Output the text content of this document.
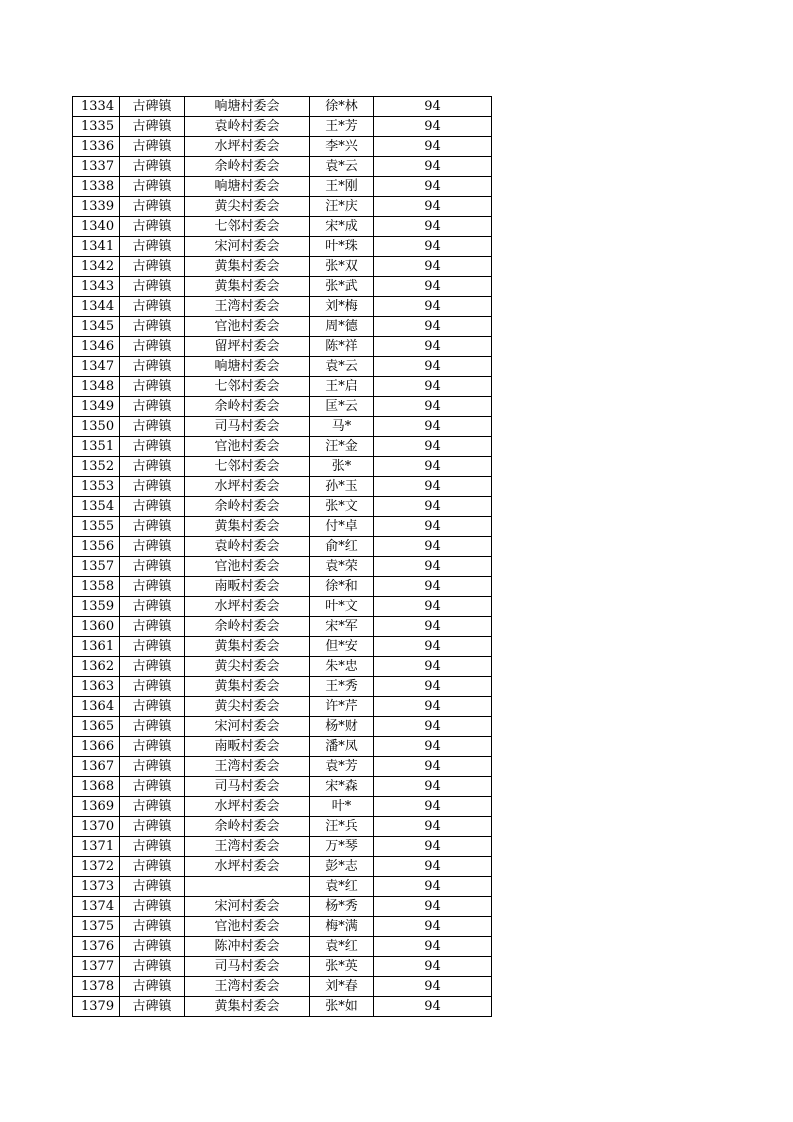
1334	古碑镇	响塘村委会	徐*林	94
1335	古碑镇	袁岭村委会	王*芳	94
1336	古碑镇	水坪村委会	李*兴	94
1337	古碑镇	余岭村委会	袁*云	94
1338	古碑镇	响塘村委会	王*刚	94
1339	古碑镇	黄尖村委会	汪*庆	94
1340	古碑镇	七邻村委会	宋*成	94
1341	古碑镇	宋河村委会	叶*珠	94
1342	古碑镇	黄集村委会	张*双	94
1343	古碑镇	黄集村委会	张*武	94
1344	古碑镇	王湾村委会	刘*梅	94
1345	古碑镇	官池村委会	周*德	94
1346	古碑镇	留坪村委会	陈*祥	94
1347	古碑镇	响塘村委会	袁*云	94
1348	古碑镇	七邻村委会	王*启	94
1349	古碑镇	余岭村委会	匡*云	94
1350	古碑镇	司马村委会	马*	94
1351	古碑镇	官池村委会	汪*金	94
1352	古碑镇	七邻村委会	张*	94
1353	古碑镇	水坪村委会	孙*玉	94
1354	古碑镇	余岭村委会	张*文	94
1355	古碑镇	黄集村委会	付*卓	94
1356	古碑镇	袁岭村委会	俞*红	94
1357	古碑镇	官池村委会	袁*荣	94
1358	古碑镇	南畈村委会	徐*和	94
1359	古碑镇	水坪村委会	叶*文	94
1360	古碑镇	余岭村委会	宋*军	94
1361	古碑镇	黄集村委会	但*安	94
1362	古碑镇	黄尖村委会	朱*忠	94
1363	古碑镇	黄集村委会	王*秀	94
1364	古碑镇	黄尖村委会	许*芹	94
1365	古碑镇	宋河村委会	杨*财	94
1366	古碑镇	南畈村委会	潘*凤	94
1367	古碑镇	王湾村委会	袁*芳	94
1368	古碑镇	司马村委会	宋*森	94
1369	古碑镇	水坪村委会	叶*	94
1370	古碑镇	余岭村委会	汪*兵	94
1371	古碑镇	王湾村委会	万*琴	94
1372	古碑镇	水坪村委会	彭*志	94
1373	古碑镇		袁*红	94
1374	古碑镇	宋河村委会	杨*秀	94
1375	古碑镇	官池村委会	梅*满	94
1376	古碑镇	陈冲村委会	袁*红	94
1377	古碑镇	司马村委会	张*英	94
1378	古碑镇	王湾村委会	刘*春	94
1379	古碑镇	黄集村委会	张*如	94
